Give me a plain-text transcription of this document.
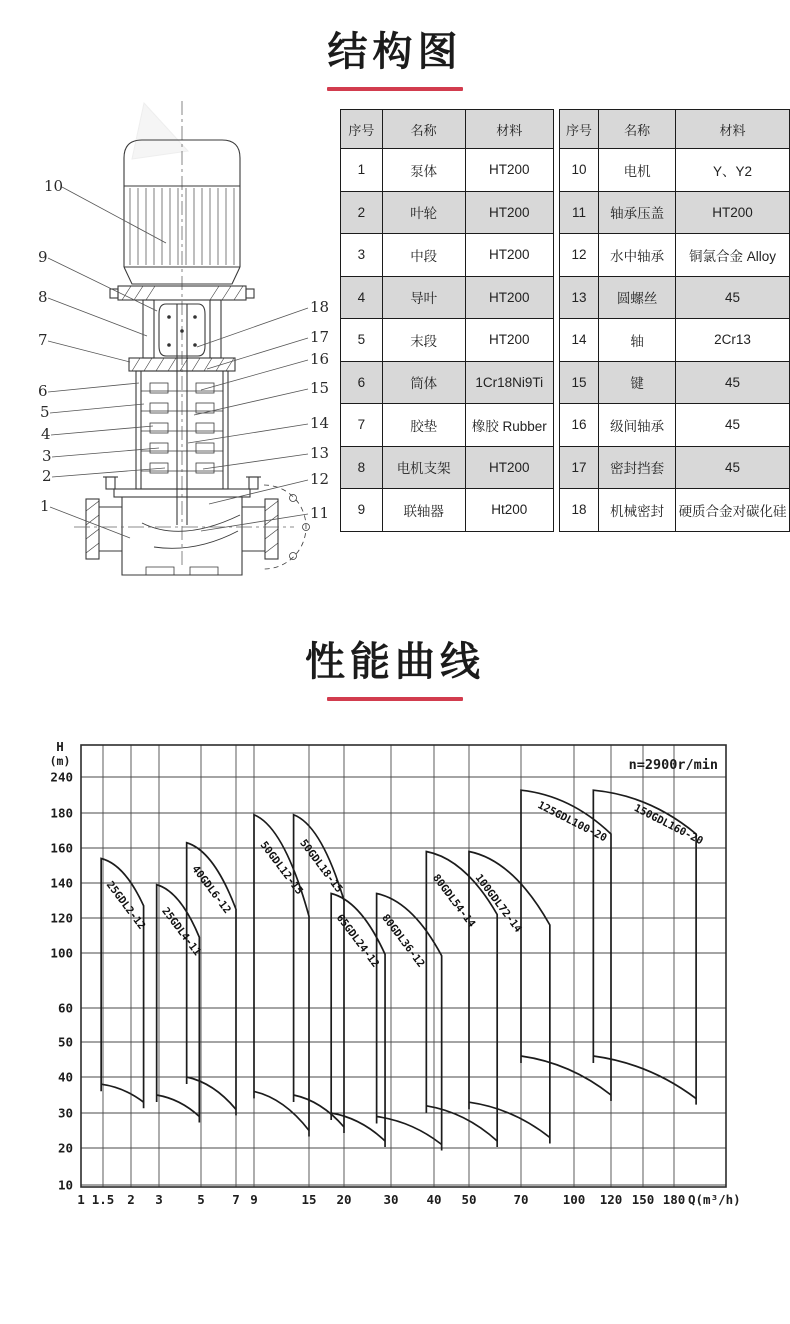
结构图
10
9
8
7
6
5
4
3
2
1
18
17
16
15
14
13
12
11
序号	名称	材料
1	泵体	HT200
2	叶轮	HT200
3	中段	HT200
4	导叶	HT200
5	末段	HT200
6	筒体	1Cr18Ni9Ti
7	胶垫	橡胶 Rubber
8	电机支架	HT200
9	联轴器	Ht200
序号	名称	材料
10	电机	Y、Y2
11	轴承压盖	HT200
12	水中轴承	铜氯合金 Alloy
13	圆螺丝	45
14	轴	2Cr13
15	键	45
16	级间轴承	45
17	密封挡套	45
18	机械密封	硬质合金对碳化硅
性能曲线
1 1.5 2 3	5 7 9	15 20	30 40 50	70	100 120 150 180
240
180
160
140
120
100
60
50
40
30
20
10
H
(m)
Q(m³/h)
n=2900r/min
25GDL2-12 25GDL4-11
40GDL6-12 50GDL12-15
50GDL18-15
65GDL24-12
80GDL36-12
80GDL54-14
100GDL72-14
125GDL100-20 150GDL160-20
